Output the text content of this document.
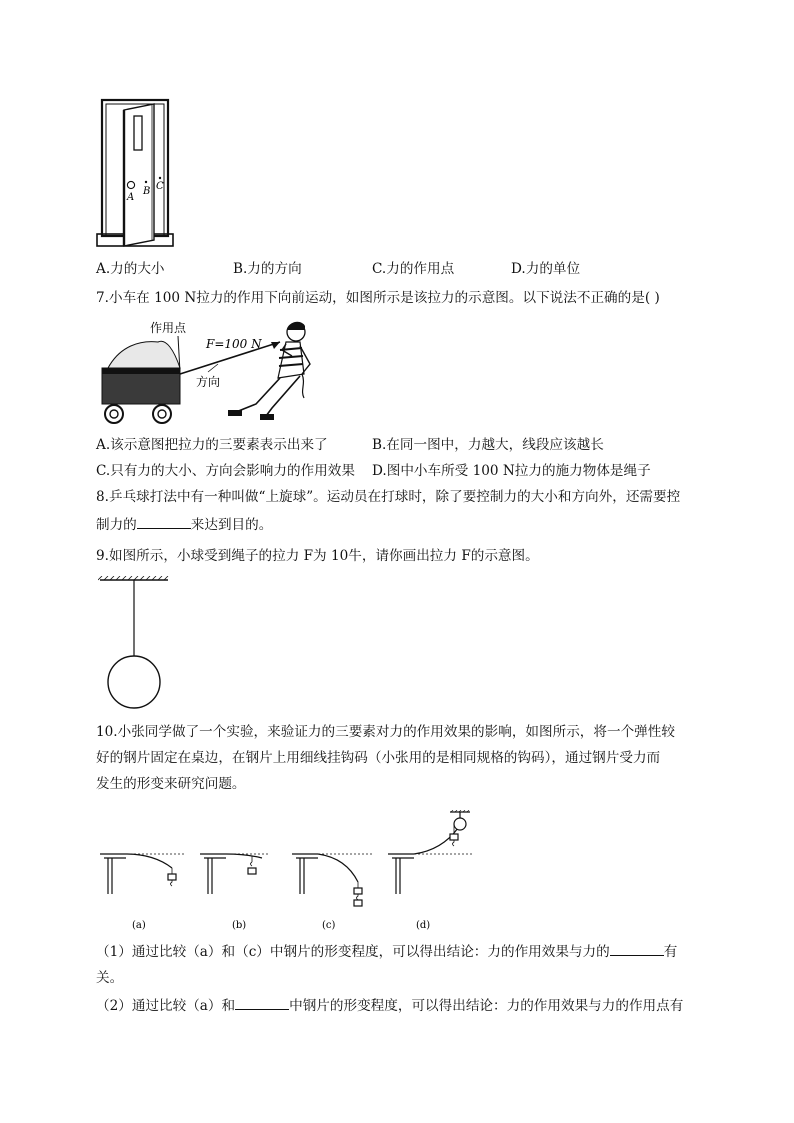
A
B C
A.力的大小	B.力的方向	C.力的作用点	D.力的单位
7.小车在 100 N拉力的作用下向前运动，如图所示是该拉力的示意图。以下说法不正确的是( )
作用点
F=100 N
方向
A.该示意图把拉力的三要素表示出来了	B.在同一图中，力越大，线段应该越长
C.只有力的大小、方向会影响力的作用效果 D.图中小车所受 100 N拉力的施力物体是绳子
8.乒乓球打法中有一种叫做“上旋球”。运动员在打球时，除了要控制力的大小和方向外，还需要控
制力的	来达到目的。
9.如图所示，小球受到绳子的拉力 F为 10牛，请你画出拉力 F的示意图。
10.小张同学做了一个实验，来验证力的三要素对力的作用效果的影响，如图所示，将一个弹性较
好的钢片固定在桌边，在钢片上用细线挂钩码（小张用的是相同规格的钩码），通过钢片受力而
发生的形变来研究问题。
(a)	(b)	(c)	(d)
（1）通过比较（a）和（c）中钢片的形变程度，可以得出结论：力的作用效果与力的	有
关。
（2）通过比较（a）和	中钢片的形变程度，可以得出结论：力的作用效果与力的作用点有
